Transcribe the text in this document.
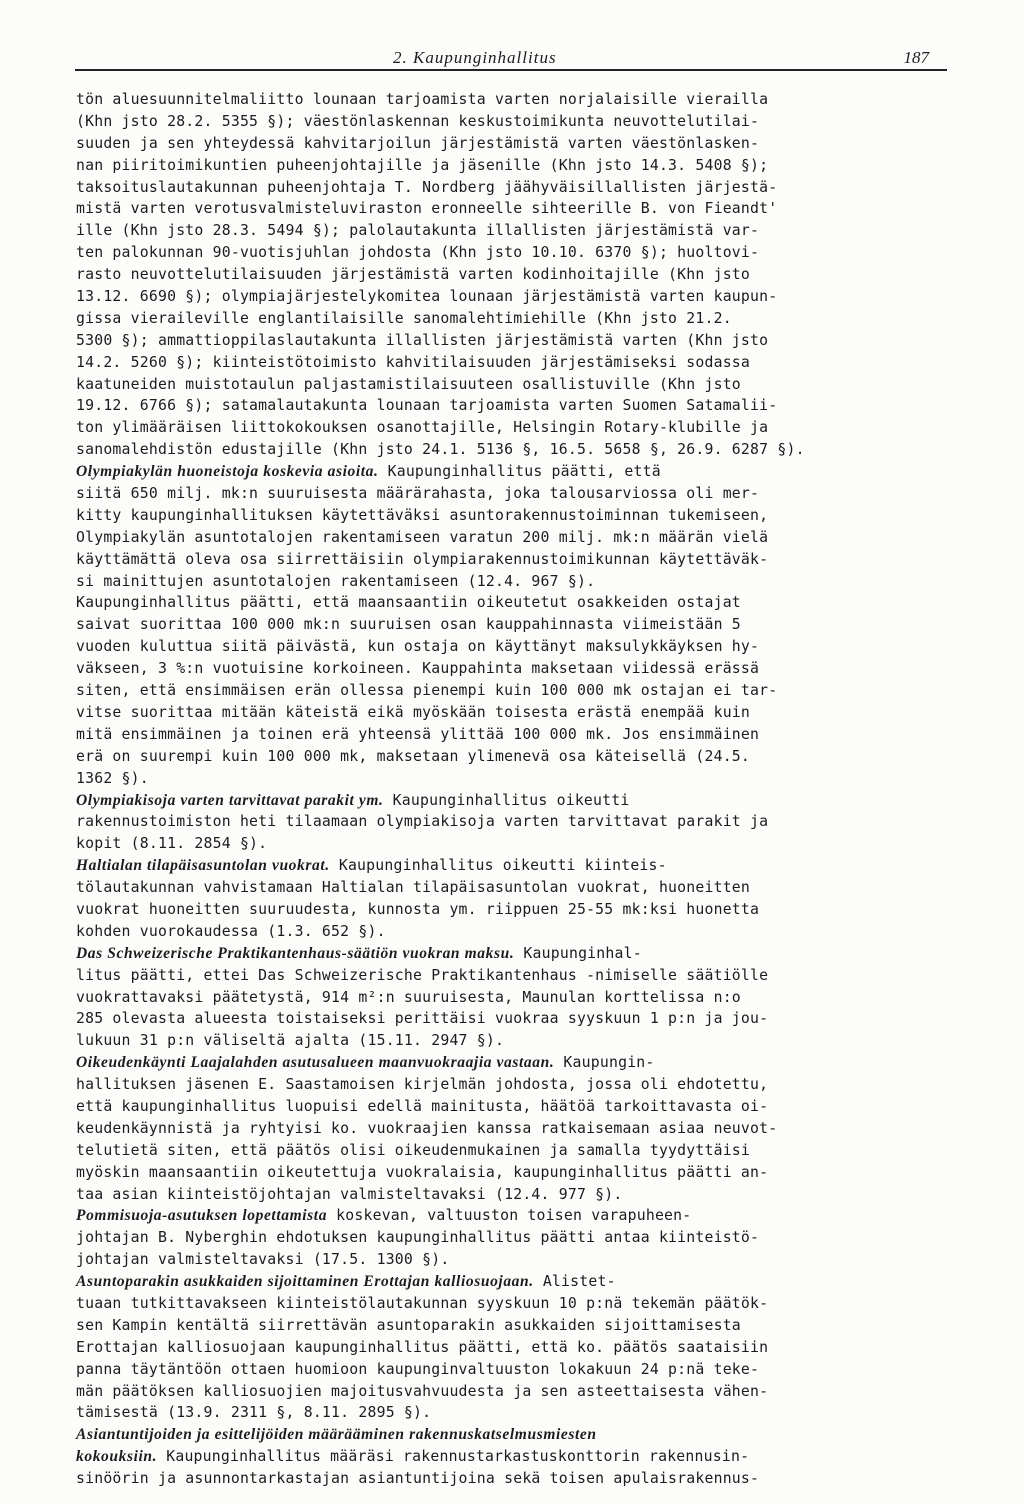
2. Kaupunginhallitus	187
tön aluesuunnitelmaliitto lounaan tarjoamista varten norjalaisille vierailla
(Khn jsto 28.2. 5355 §); väestönlaskennan keskustoimikunta neuvottelutilai-
suuden ja sen yhteydessä kahvitarjoilun järjestämistä varten väestönlasken-
nan piiritoimikuntien puheenjohtajille ja jäsenille (Khn jsto 14.3. 5408 §);
taksoituslautakunnan puheenjohtaja T. Nordberg jäähyväisillallisten järjestä-
mistä varten verotusvalmisteluviraston eronneelle sihteerille B. von Fieandt'
ille (Khn jsto 28.3. 5494 §); palolautakunta illallisten järjestämistä var-
ten palokunnan 90-vuotisjuhlan johdosta (Khn jsto 10.10. 6370 §); huoltovi-
rasto neuvottelutilaisuuden järjestämistä varten kodinhoitajille (Khn jsto
13.12. 6690 §); olympiajärjestelykomitea lounaan järjestämistä varten kaupun-
gissa vieraileville englantilaisille sanomalehtimiehille (Khn jsto 21.2.
5300 §); ammattioppilaslautakunta illallisten järjestämistä varten (Khn jsto
14.2. 5260 §); kiinteistötoimisto kahvitilaisuuden järjestämiseksi sodassa
kaatuneiden muistotaulun paljastamistilaisuuteen osallistuville (Khn jsto
19.12. 6766 §); satamalautakunta lounaan tarjoamista varten Suomen Satamalii-
ton ylimääräisen liittokokouksen osanottajille, Helsingin Rotary-klubille ja
sanomalehdistön edustajille (Khn jsto 24.1. 5136 §, 16.5. 5658 §, 26.9. 6287 §).
Olympiakylän huoneistoja koskevia asioita. Kaupunginhallitus päätti, että
siitä 650 milj. mk:n suuruisesta määrärahasta, joka talousarviossa oli mer-
kitty kaupunginhallituksen käytettäväksi asuntorakennustoiminnan tukemiseen,
Olympiakylän asuntotalojen rakentamiseen varatun 200 milj. mk:n määrän vielä
käyttämättä oleva osa siirrettäisiin olympiarakennustoimikunnan käytettäväk-
si mainittujen asuntotalojen rakentamiseen (12.4. 967 §).
Kaupunginhallitus päätti, että maansaantiin oikeutetut osakkeiden ostajat
saivat suorittaa 100 000 mk:n suuruisen osan kauppahinnasta viimeistään 5
vuoden kuluttua siitä päivästä, kun ostaja on käyttänyt maksulykkäyksen hy-
väkseen, 3 %:n vuotuisine korkoineen. Kauppahinta maksetaan viidessä erässä
siten, että ensimmäisen erän ollessa pienempi kuin 100 000 mk ostajan ei tar-
vitse suorittaa mitään käteistä eikä myöskään toisesta erästä enempää kuin
mitä ensimmäinen ja toinen erä yhteensä ylittää 100 000 mk. Jos ensimmäinen
erä on suurempi kuin 100 000 mk, maksetaan ylimenevä osa käteisellä (24.5.
1362 §).
Olympiakisoja varten tarvittavat parakit ym. Kaupunginhallitus oikeutti
rakennustoimiston heti tilaamaan olympiakisoja varten tarvittavat parakit ja
kopit (8.11. 2854 §).
Haltialan tilapäisasuntolan vuokrat. Kaupunginhallitus oikeutti kiinteis-
tölautakunnan vahvistamaan Haltialan tilapäisasuntolan vuokrat, huoneitten
vuokrat huoneitten suuruudesta, kunnosta ym. riippuen 25-55 mk:ksi huonetta
kohden vuorokaudessa (1.3. 652 §).
Das Schweizerische Praktikantenhaus-säätiön vuokran maksu. Kaupunginhal-
litus päätti, ettei Das Schweizerische Praktikantenhaus -nimiselle säätiölle
vuokrattavaksi päätetystä, 914 m²:n suuruisesta, Maunulan korttelissa n:o
285 olevasta alueesta toistaiseksi perittäisi vuokraa syyskuun 1 p:n ja jou-
lukuun 31 p:n väliseltä ajalta (15.11. 2947 §).
Oikeudenkäynti Laajalahden asutusalueen maanvuokraajia vastaan. Kaupungin-
hallituksen jäsenen E. Saastamoisen kirjelmän johdosta, jossa oli ehdotettu,
että kaupunginhallitus luopuisi edellä mainitusta, häätöä tarkoittavasta oi-
keudenkäynnistä ja ryhtyisi ko. vuokraajien kanssa ratkaisemaan asiaa neuvot-
telutietä siten, että päätös olisi oikeudenmukainen ja samalla tyydyttäisi
myöskin maansaantiin oikeutettuja vuokralaisia, kaupunginhallitus päätti an-
taa asian kiinteistöjohtajan valmisteltavaksi (12.4. 977 §).
Pommisuoja-asutuksen lopettamista koskevan, valtuuston toisen varapuheen-
johtajan B. Nyberghin ehdotuksen kaupunginhallitus päätti antaa kiinteistö-
johtajan valmisteltavaksi (17.5. 1300 §).
Asuntoparakin asukkaiden sijoittaminen Erottajan kalliosuojaan. Alistet-
tuaan tutkittavakseen kiinteistölautakunnan syyskuun 10 p:nä tekemän päätök-
sen Kampin kentältä siirrettävän asuntoparakin asukkaiden sijoittamisesta
Erottajan kalliosuojaan kaupunginhallitus päätti, että ko. päätös saataisiin
panna täytäntöön ottaen huomioon kaupunginvaltuuston lokakuun 24 p:nä teke-
män päätöksen kalliosuojien majoitusvahvuudesta ja sen asteettaisesta vähen-
tämisestä (13.9. 2311 §, 8.11. 2895 §).
Asiantuntijoiden ja esittelijöiden määrääminen rakennuskatselmusmiesten
kokouksiin. Kaupunginhallitus määräsi rakennustarkastuskonttorin rakennusin-
sinöörin ja asunnontarkastajan asiantuntijoina sekä toisen apulaisrakennus-
